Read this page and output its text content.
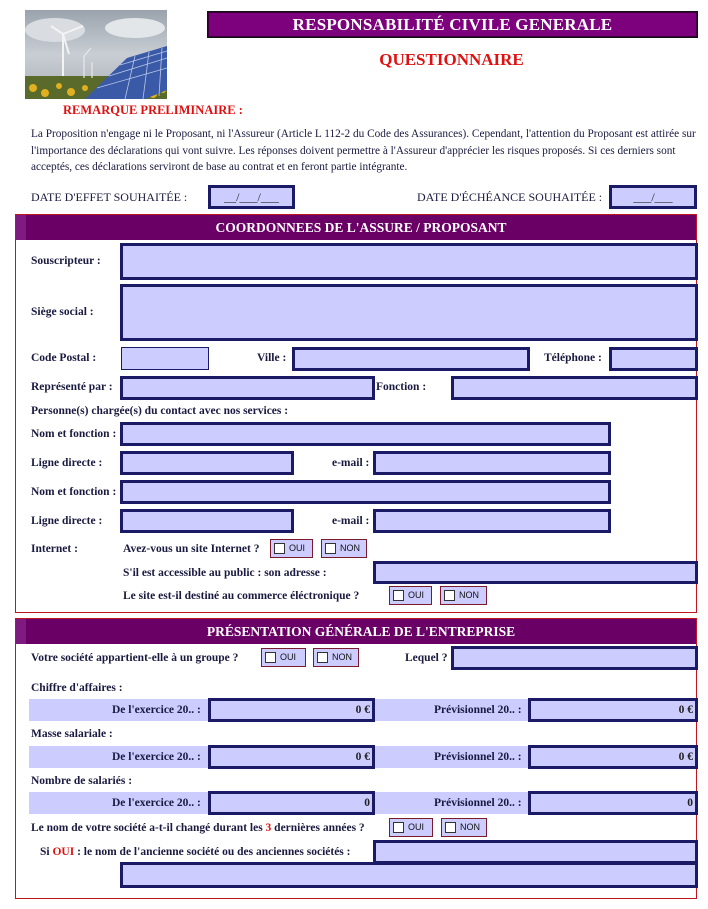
RESPONSABILITÉ CIVILE GENERALE
QUESTIONNAIRE
REMARQUE PRELIMINAIRE :
La Proposition n'engage ni le Proposant, ni l'Assureur (Article L 112-2 du Code des Assurances). Cependant, l'attention du Proposant est attirée sur l'importance des déclarations qui vont suivre. Les réponses doivent permettre à l'Assureur d'apprécier les risques proposés. Si ces derniers sont acceptés, ces déclarations serviront de base au contrat et en feront partie intégrante.
DATE D'EFFET SOUHAITÉE :	__/___/___	DATE D'ÉCHÉANCE SOUHAITÉE :	___/___
COORDONNEES DE L'ASSURE / PROPOSANT
Souscripteur :
Siège social :
Code Postal :	Ville :	Téléphone :
Représenté par :	Fonction :
Personne(s) chargée(s) du contact avec nos services :
Nom et fonction :
Ligne directe :	e-mail :
Nom et fonction :
Ligne directe :	e-mail :
Internet :	Avez-vous un site Internet ?	OUI	NON
S'il est accessible au public : son adresse :
Le site est-il destiné au commerce éléctronique ?	OUI	NON
PRÉSENTATION GÉNÉRALE DE L'ENTREPRISE
Votre société appartient-elle à un groupe ?	OUI	NON	Lequel ?
Chiffre d'affaires :
De l'exercice 20.. :	0 €	Prévisionnel 20.. :	0 €
Masse salariale :
De l'exercice 20.. :	0 €	Prévisionnel 20.. :	0 €
Nombre de salariés :
De l'exercice 20.. :	0	Prévisionnel 20.. :	0
Le nom de votre société a-t-il changé durant les 3 dernières années ?	OUI	NON
Si OUI : le nom de l'ancienne société ou des anciennes sociétés :
